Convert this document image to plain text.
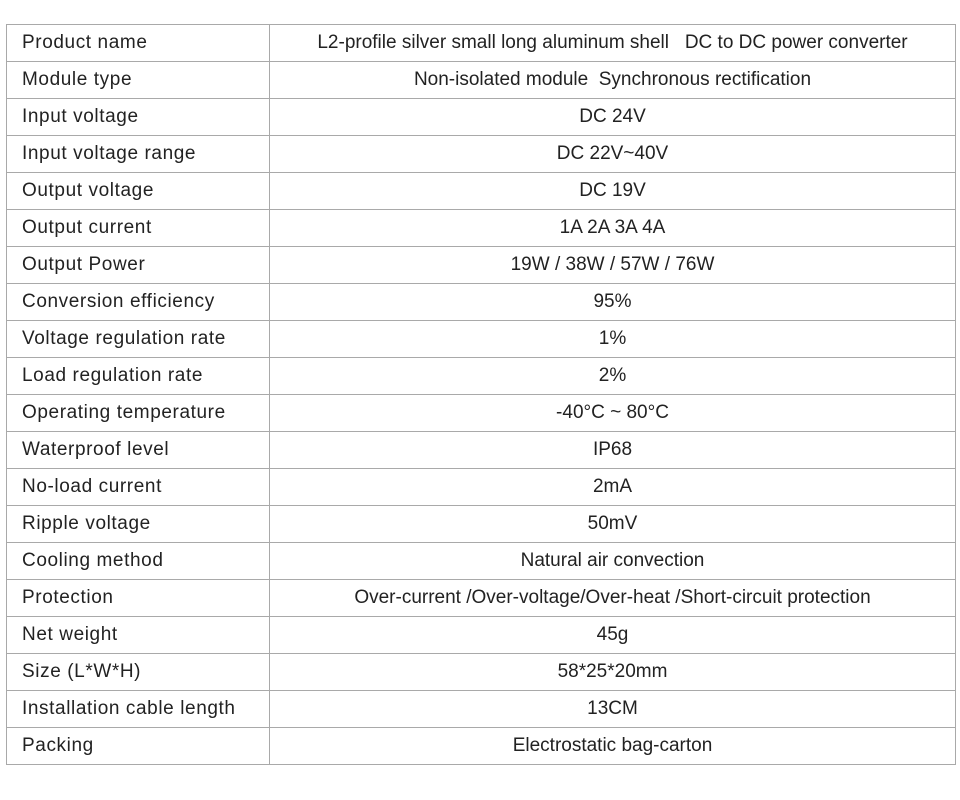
Product name	L2-profile silver small long aluminum shell   DC to DC power converter
Module type	Non-isolated module  Synchronous rectification
Input voltage	DC 24V
Input voltage range	DC 22V~40V
Output voltage	DC 19V
Output current	1A 2A 3A 4A
Output Power	19W / 38W / 57W / 76W
Conversion efficiency	95%
Voltage regulation rate	1%
Load regulation rate	2%
Operating temperature	-40°C ~ 80°C
Waterproof level	IP68
No-load current	2mA
Ripple voltage	50mV
Cooling method	Natural air convection
Protection	Over-current /Over-voltage/Over-heat /Short-circuit protection
Net weight	45g
Size (L*W*H)	58*25*20mm
Installation cable length	13CM
Packing	Electrostatic bag-carton
